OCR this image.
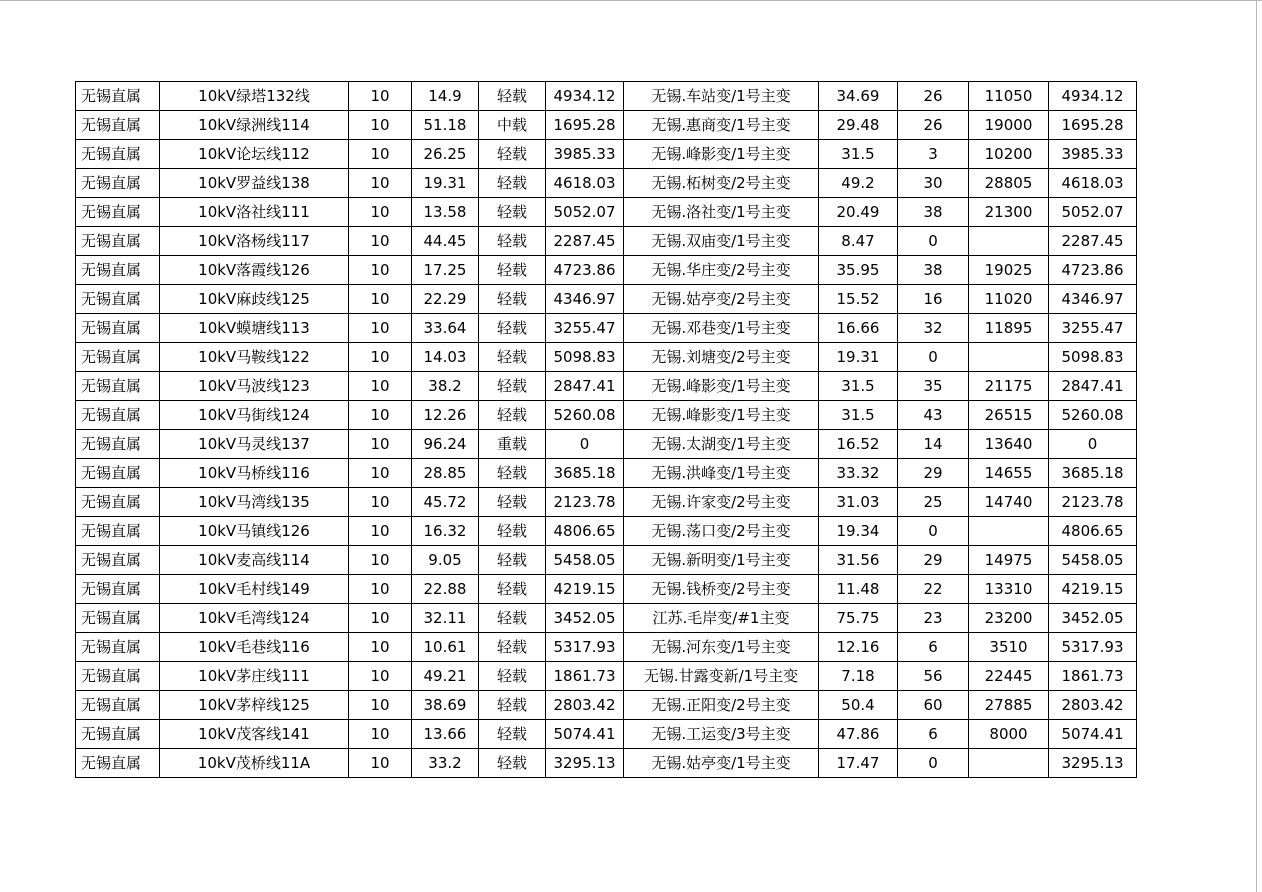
无锡直属	10kV绿塔132线	10	14.9	轻载	4934.12	无锡.车站变/1号主变	34.69	26	11050	4934.12
无锡直属	10kV绿洲线114	10	51.18	中载	1695.28	无锡.惠商变/1号主变	29.48	26	19000	1695.28
无锡直属	10kV论坛线112	10	26.25	轻载	3985.33	无锡.峰影变/1号主变	31.5	3	10200	3985.33
无锡直属	10kV罗益线138	10	19.31	轻载	4618.03	无锡.柘树变/2号主变	49.2	30	28805	4618.03
无锡直属	10kV洛社线111	10	13.58	轻载	5052.07	无锡.洛社变/1号主变	20.49	38	21300	5052.07
无锡直属	10kV洛杨线117	10	44.45	轻载	2287.45	无锡.双庙变/1号主变	8.47	0		2287.45
无锡直属	10kV落霞线126	10	17.25	轻载	4723.86	无锡.华庄变/2号主变	35.95	38	19025	4723.86
无锡直属	10kV麻歧线125	10	22.29	轻载	4346.97	无锡.姑亭变/2号主变	15.52	16	11020	4346.97
无锡直属	10kV蟆塘线113	10	33.64	轻载	3255.47	无锡.邓巷变/1号主变	16.66	32	11895	3255.47
无锡直属	10kV马鞍线122	10	14.03	轻载	5098.83	无锡.刘塘变/2号主变	19.31	0		5098.83
无锡直属	10kV马波线123	10	38.2	轻载	2847.41	无锡.峰影变/1号主变	31.5	35	21175	2847.41
无锡直属	10kV马街线124	10	12.26	轻载	5260.08	无锡.峰影变/1号主变	31.5	43	26515	5260.08
无锡直属	10kV马灵线137	10	96.24	重载	0	无锡.太湖变/1号主变	16.52	14	13640	0
无锡直属	10kV马桥线116	10	28.85	轻载	3685.18	无锡.洪峰变/1号主变	33.32	29	14655	3685.18
无锡直属	10kV马湾线135	10	45.72	轻载	2123.78	无锡.许家变/2号主变	31.03	25	14740	2123.78
无锡直属	10kV马镇线126	10	16.32	轻载	4806.65	无锡.荡口变/2号主变	19.34	0		4806.65
无锡直属	10kV麦高线114	10	9.05	轻载	5458.05	无锡.新明变/1号主变	31.56	29	14975	5458.05
无锡直属	10kV毛村线149	10	22.88	轻载	4219.15	无锡.钱桥变/2号主变	11.48	22	13310	4219.15
无锡直属	10kV毛湾线124	10	32.11	轻载	3452.05	江苏.毛岸变/#1主变	75.75	23	23200	3452.05
无锡直属	10kV毛巷线116	10	10.61	轻载	5317.93	无锡.河东变/1号主变	12.16	6	3510	5317.93
无锡直属	10kV茅庄线111	10	49.21	轻载	1861.73	无锡.甘露变新/1号主变	7.18	56	22445	1861.73
无锡直属	10kV茅梓线125	10	38.69	轻载	2803.42	无锡.正阳变/2号主变	50.4	60	27885	2803.42
无锡直属	10kV茂客线141	10	13.66	轻载	5074.41	无锡.工运变/3号主变	47.86	6	8000	5074.41
无锡直属	10kV茂桥线11A	10	33.2	轻载	3295.13	无锡.姑亭变/1号主变	17.47	0		3295.13
